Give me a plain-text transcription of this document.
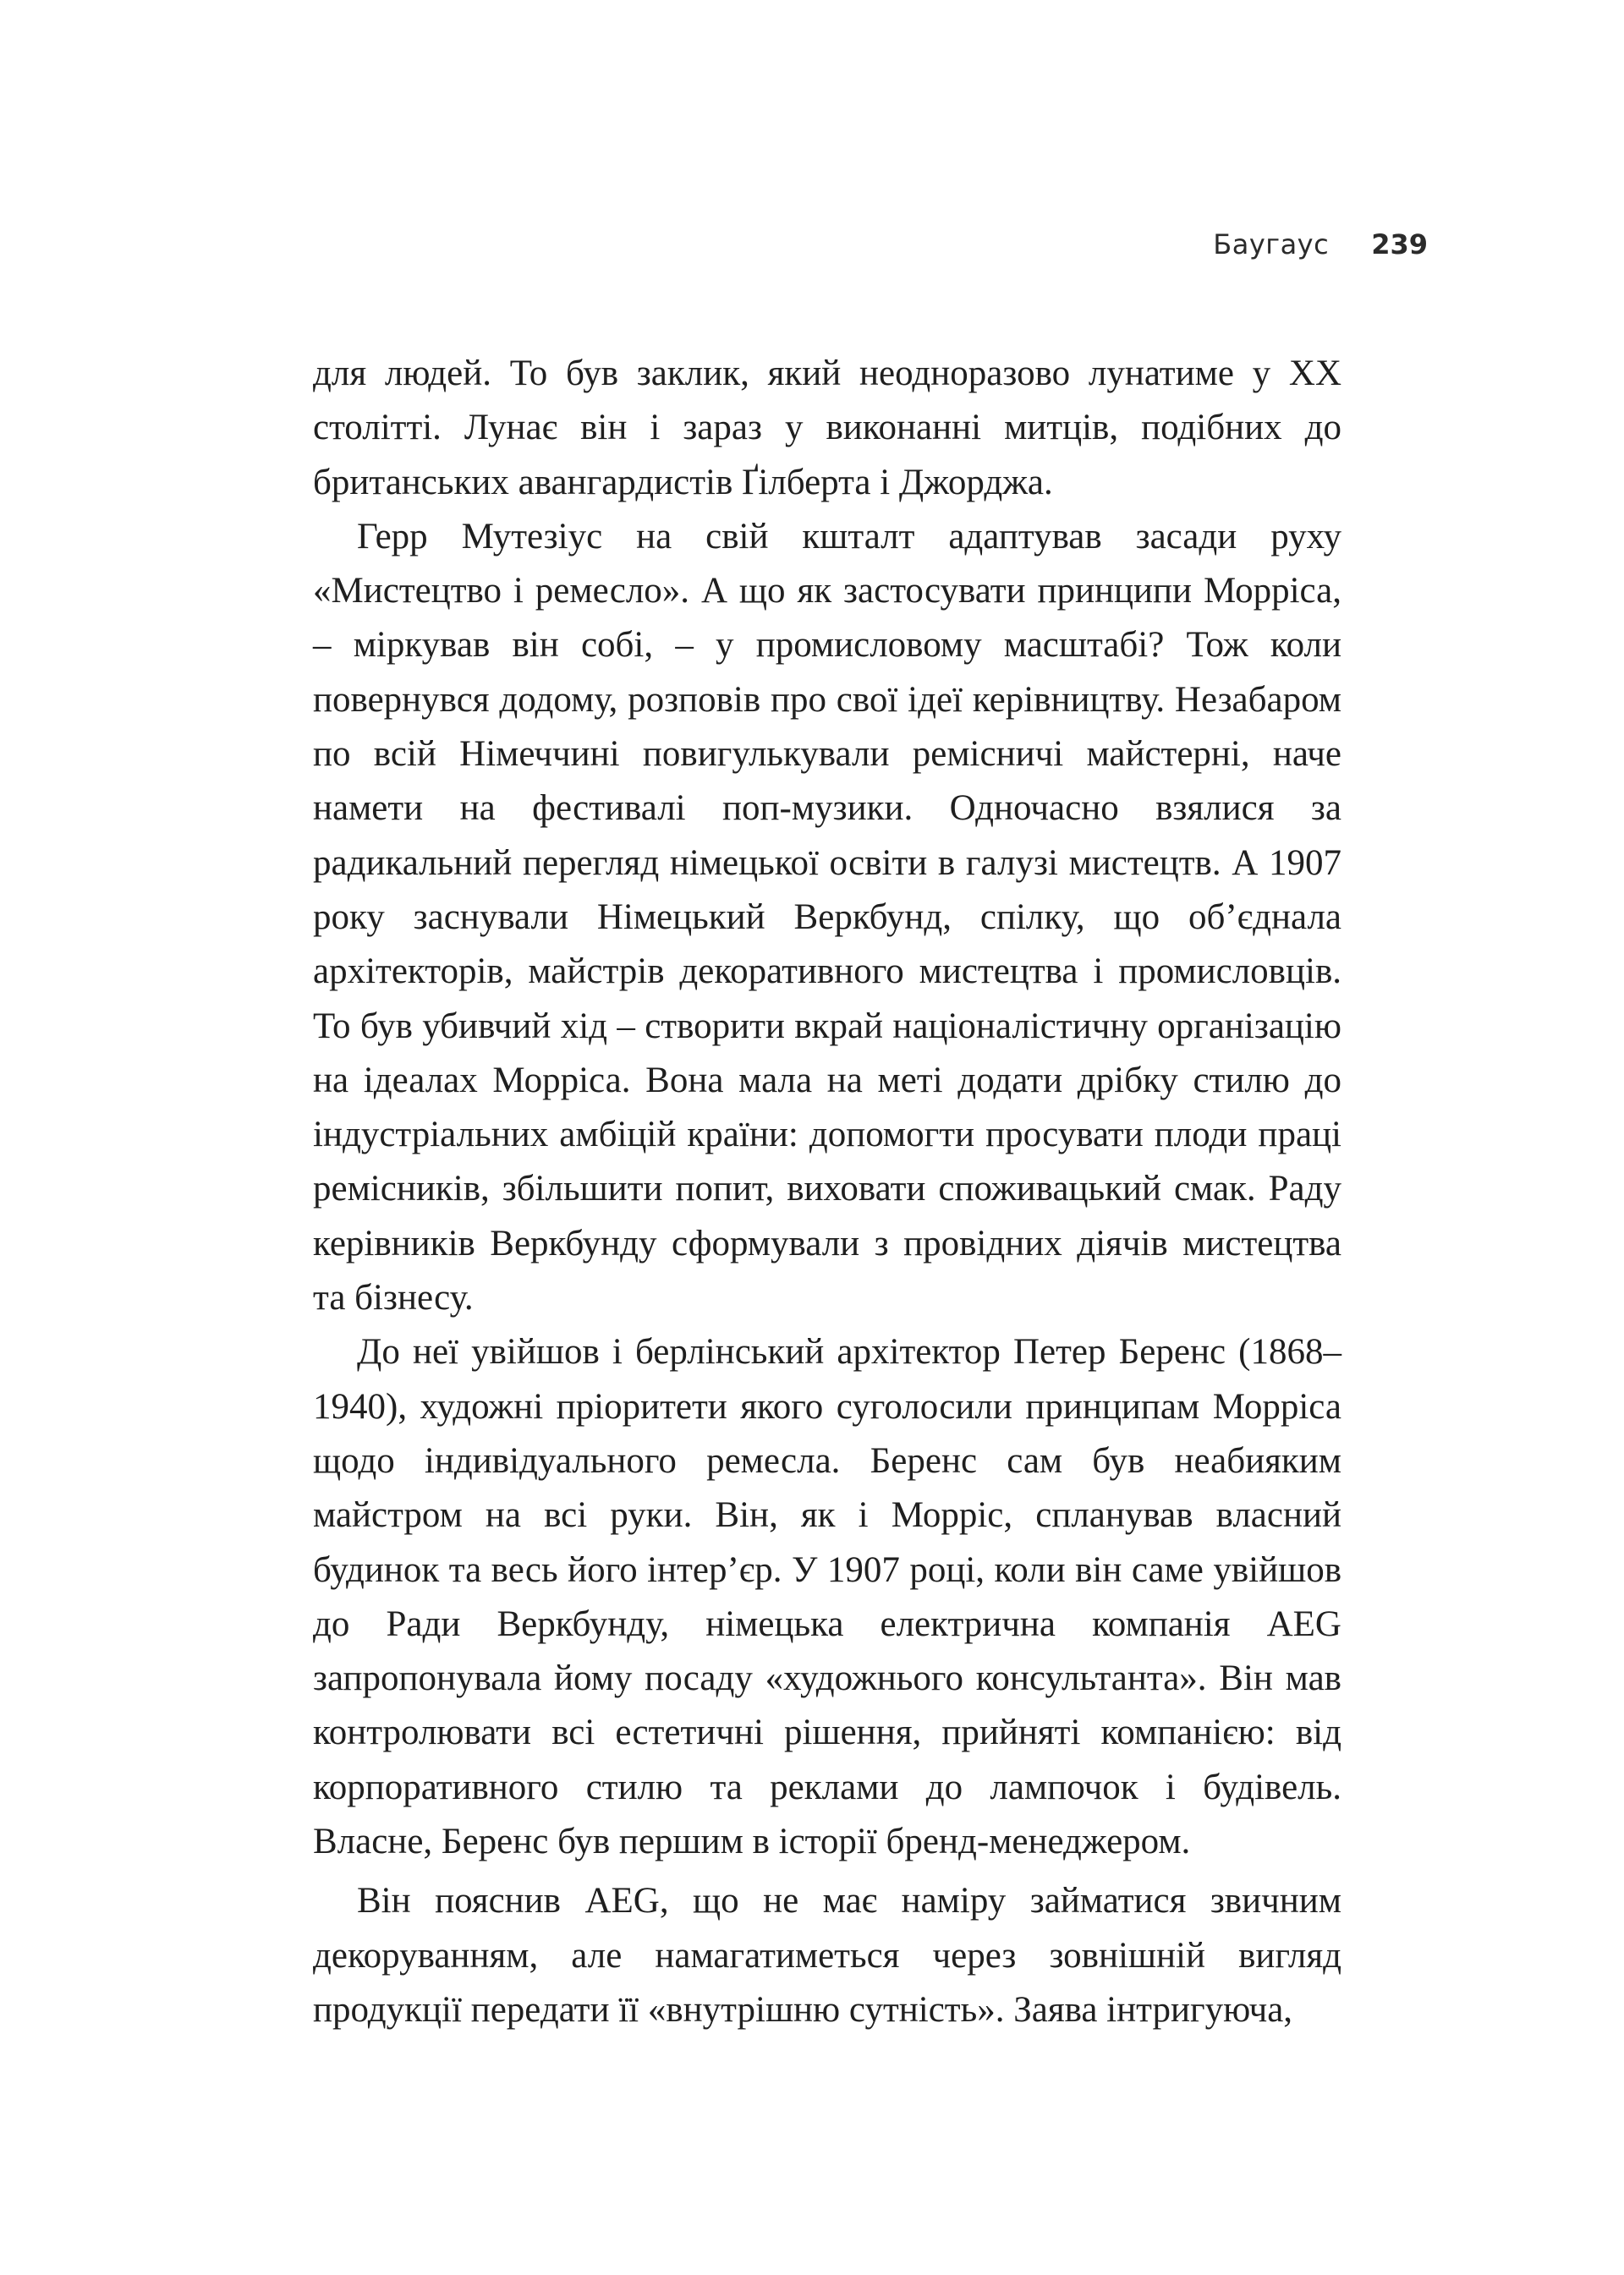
Баугаус 239

для людей. То був заклик, який неодноразово лунатиме у ХХ столітті. Лунає він і зараз у виконанні митців, подібних до британських авангардистів Ґілберта і Джорджа.

Герр Мутезіус на свій кшталт адаптував засади руху «Мистецтво і ремесло». А що як застосувати принципи Морріса, – міркував він собі, – у промисловому масштабі? Тож коли повернувся додому, розповів про свої ідеї керівництву. Незабаром по всій Німеччині повигулькували ремісничі майстерні, наче намети на фестивалі поп-музики. Одночасно взялися за радикальний перегляд німецької освіти в галузі мистецтв. А 1907 року заснували Німецький Веркбунд, спілку, що об’єднала архітекторів, майстрів декоративного мистецтва і промисловців. То був убивчий хід – створити вкрай націоналістичну організацію на ідеалах Морріса. Вона мала на меті додати дрібку стилю до індустріальних амбіцій країни: допомогти просувати плоди праці ремісників, збільшити попит, виховати споживацький смак. Раду керівників Веркбунду сформували з провідних діячів мистецтва та бізнесу.

До неї увійшов і берлінський архітектор Петер Беренс (1868–1940), художні пріоритети якого суголосили принципам Морріса щодо індивідуального ремесла. Беренс сам був неабияким майстром на всі руки. Він, як і Морріс, спланував власний будинок та весь його інтер’єр. У 1907 році, коли він саме увійшов до Ради Веркбунду, німецька електрична компанія AEG запропонувала йому посаду «художнього консультанта». Він мав контролювати всі естетичні рішення, прийняті компанією: від корпоративного стилю та реклами до лампочок і будівель. Власне, Беренс був першим в історії бренд-менеджером.

Він пояснив AEG, що не має наміру займатися звичним декоруванням, але намагатиметься через зовнішній вигляд продукції передати її «внутрішню сутність». Заява інтригуюча,
